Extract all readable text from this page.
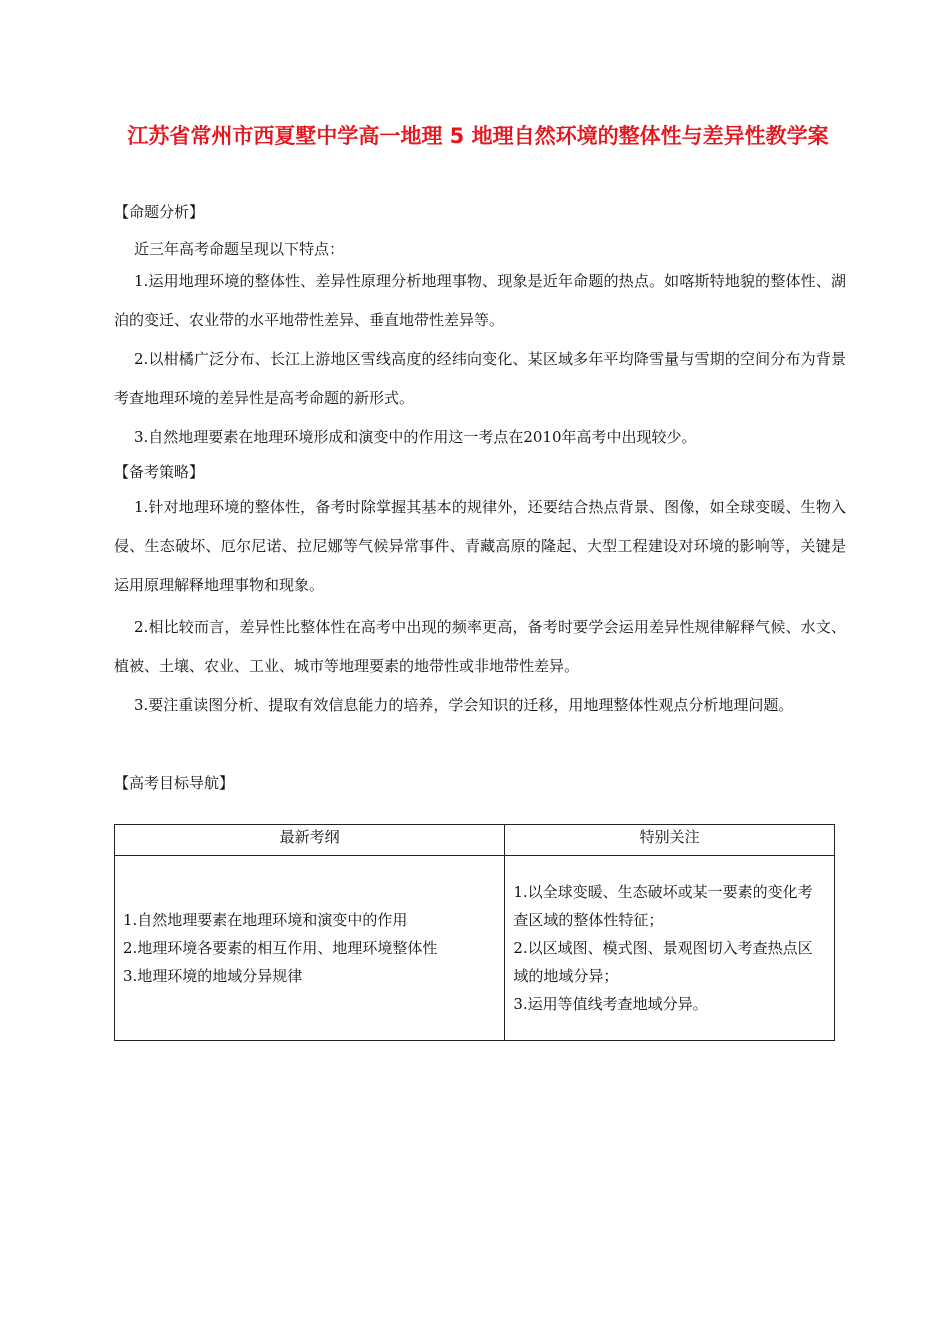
江苏省常州市西夏墅中学高一地理 5 地理自然环境的整体性与差异性教学案
【命题分析】
近三年高考命题呈现以下特点：
1.运用地理环境的整体性、差异性原理分析地理事物、现象是近年命题的热点。如喀斯特地貌的整体性、湖泊的变迁、农业带的水平地带性差异、垂直地带性差异等。
2.以柑橘广泛分布、长江上游地区雪线高度的经纬向变化、某区域多年平均降雪量与雪期的空间分布为背景考查地理环境的差异性是高考命题的新形式。
3.自然地理要素在地理环境形成和演变中的作用这一考点在2010年高考中出现较少。
【备考策略】
1.针对地理环境的整体性，备考时除掌握其基本的规律外，还要结合热点背景、图像，如全球变暖、生物入侵、生态破坏、厄尔尼诺、拉尼娜等气候异常事件、青藏高原的隆起、大型工程建设对环境的影响等，关键是运用原理解释地理事物和现象。
2.相比较而言，差异性比整体性在高考中出现的频率更高，备考时要学会运用差异性规律解释气候、水文、植被、土壤、农业、工业、城市等地理要素的地带性或非地带性差异。
3.要注重读图分析、提取有效信息能力的培养，学会知识的迁移，用地理整体性观点分析地理问题。
【高考目标导航】
最新考纲	特别关注

1.自然地理要素在地理环境和演变中的作用
2.地理环境各要素的相互作用、地理环境整体性
3.地理环境的地域分异规律	1.以全球变暖、生态破坏或某一要素的变化考查区域的整体性特征；
2.以区域图、模式图、景观图切入考查热点区域的地域分异；
3.运用等值线考查地域分异。
